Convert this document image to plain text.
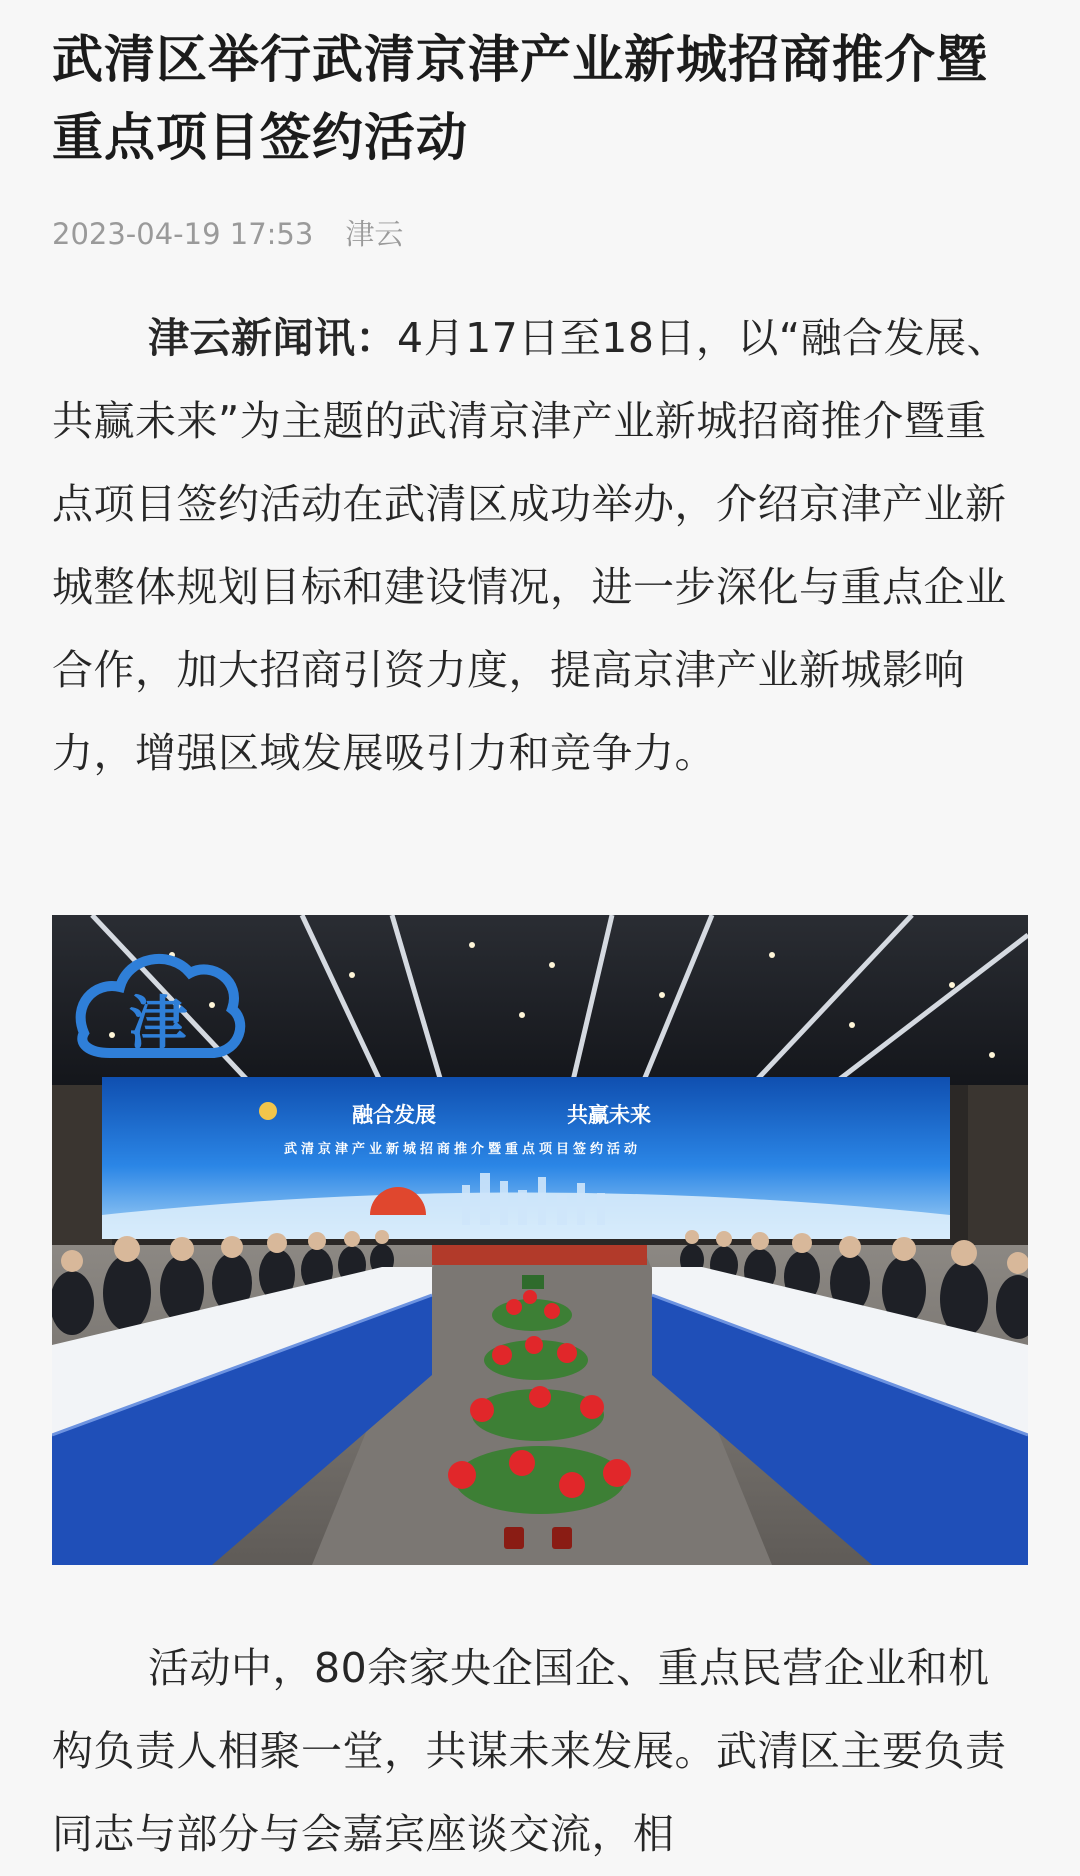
武清区举行武清京津产业新城招商推介暨 重点项目签约活动
2023-04-19 17:53 津云

津云新闻讯：4月17日至18日，以“融合发展、共赢未来”为主题的武清京津产业新城招商推介暨重点项目签约活动在武清区成功举办，介绍京津产业新城整体规划目标和建设情况，进一步深化与重点企业合作，加大招商引资力度，提高京津产业新城影响力，增强区域发展吸引力和竞争力。

融合发展	共赢未来
武清京津产业新城招商推介暨重点项目签约活动
津

活动中，80余家央企国企、重点民营企业和机构负责人相聚一堂，共谋未来发展。武清区主要负责同志与部分与会嘉宾座谈交流，相
